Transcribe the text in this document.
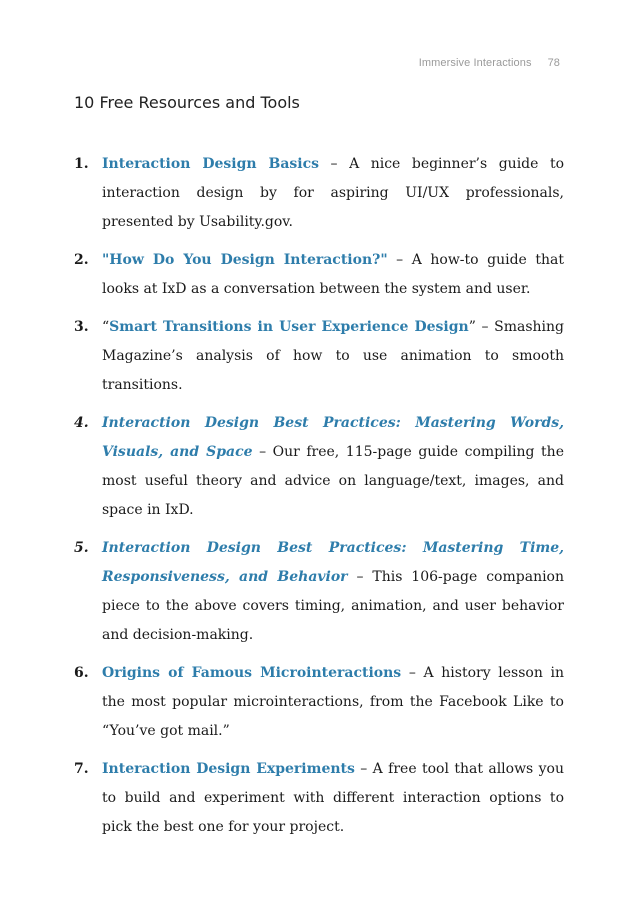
Immersive Interactions 78
10 Free Resources and Tools
1. Interaction Design Basics – A nice beginner’s guide to interaction design by for aspiring UI/UX professionals, presented by Usability.gov.
2. "How Do You Design Interaction?" – A how-to guide that looks at IxD as a conversation between the system and user.
3. “Smart Transitions in User Experience Design” – Smashing Magazine’s analysis of how to use animation to smooth transitions.
4. Interaction Design Best Practices: Mastering Words, Visuals, and Space – Our free, 115-page guide compiling the most useful theory and advice on language/text, images, and space in IxD.
5. Interaction Design Best Practices: Mastering Time, Responsiveness, and Behavior – This 106-page companion piece to the above covers timing, animation, and user behavior and decision-making.
6. Origins of Famous Microinteractions – A history lesson in the most popular microinteractions, from the Facebook Like to “You’ve got mail.”
7. Interaction Design Experiments – A free tool that allows you to build and experiment with different interaction options to pick the best one for your project.
